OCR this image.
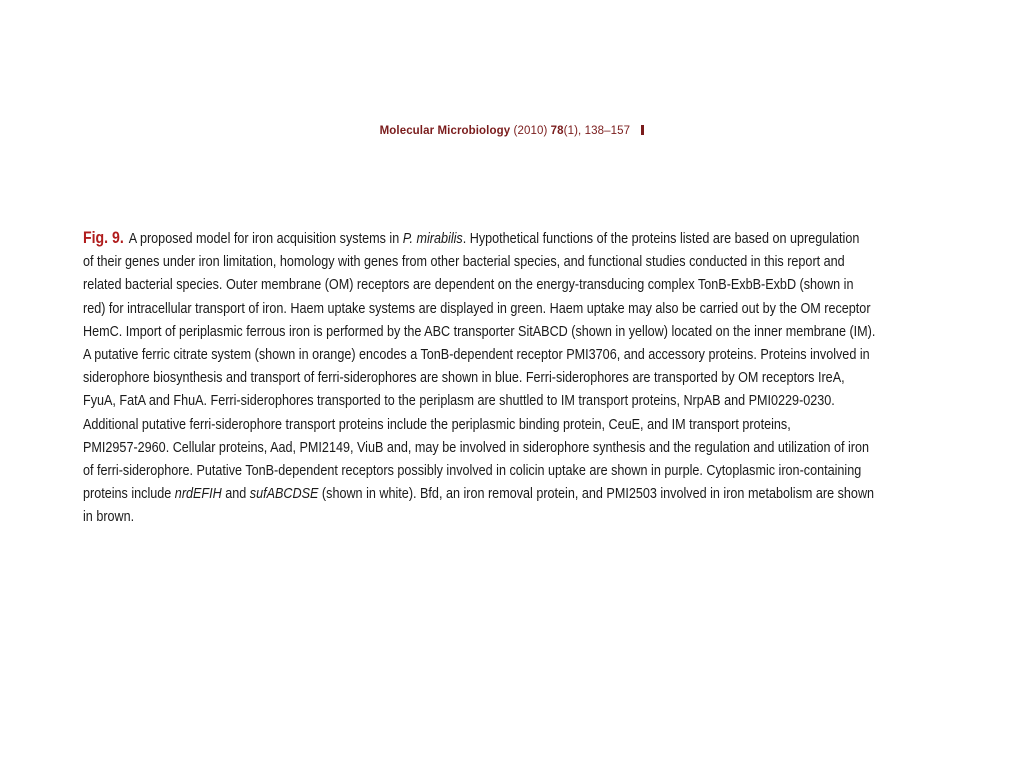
Molecular Microbiology (2010) 78(1), 138–157
Fig. 9. A proposed model for iron acquisition systems in P. mirabilis. Hypothetical functions of the proteins listed are based on upregulation
of their genes under iron limitation, homology with genes from other bacterial species, and functional studies conducted in this report and
related bacterial species. Outer membrane (OM) receptors are dependent on the energy-transducing complex TonB-ExbB-ExbD (shown in
red) for intracellular transport of iron. Haem uptake systems are displayed in green. Haem uptake may also be carried out by the OM receptor
HemC. Import of periplasmic ferrous iron is performed by the ABC transporter SitABCD (shown in yellow) located on the inner membrane (IM).
A putative ferric citrate system (shown in orange) encodes a TonB-dependent receptor PMI3706, and accessory proteins. Proteins involved in
siderophore biosynthesis and transport of ferri-siderophores are shown in blue. Ferri-siderophores are transported by OM receptors IreA,
FyuA, FatA and FhuA. Ferri-siderophores transported to the periplasm are shuttled to IM transport proteins, NrpAB and PMI0229-0230.
Additional putative ferri-siderophore transport proteins include the periplasmic binding protein, CeuE, and IM transport proteins,
PMI2957-2960. Cellular proteins, Aad, PMI2149, ViuB and, may be involved in siderophore synthesis and the regulation and utilization of iron
of ferri-siderophore. Putative TonB-dependent receptors possibly involved in colicin uptake are shown in purple. Cytoplasmic iron-containing
proteins include nrdEFIH and sufABCDSE (shown in white). Bfd, an iron removal protein, and PMI2503 involved in iron metabolism are shown
in brown.
